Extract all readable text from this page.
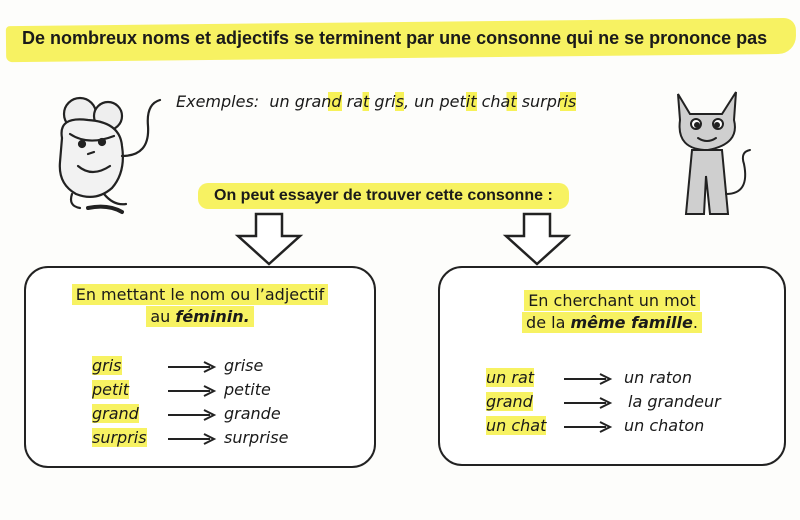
De nombreux noms et adjectifs se terminent par une consonne qui ne se prononce pas
Exemples: un grand rat gris, un petit chat surpris
On peut essayer de trouver cette consonne :
En mettant le nom ou l’adjectif
au féminin.
gris	grise
petit	petite
grand	grande
surpris	surprise
En cherchant un mot
de la même famille.
un rat	un raton
grand	la grandeur
un chat	un chaton
